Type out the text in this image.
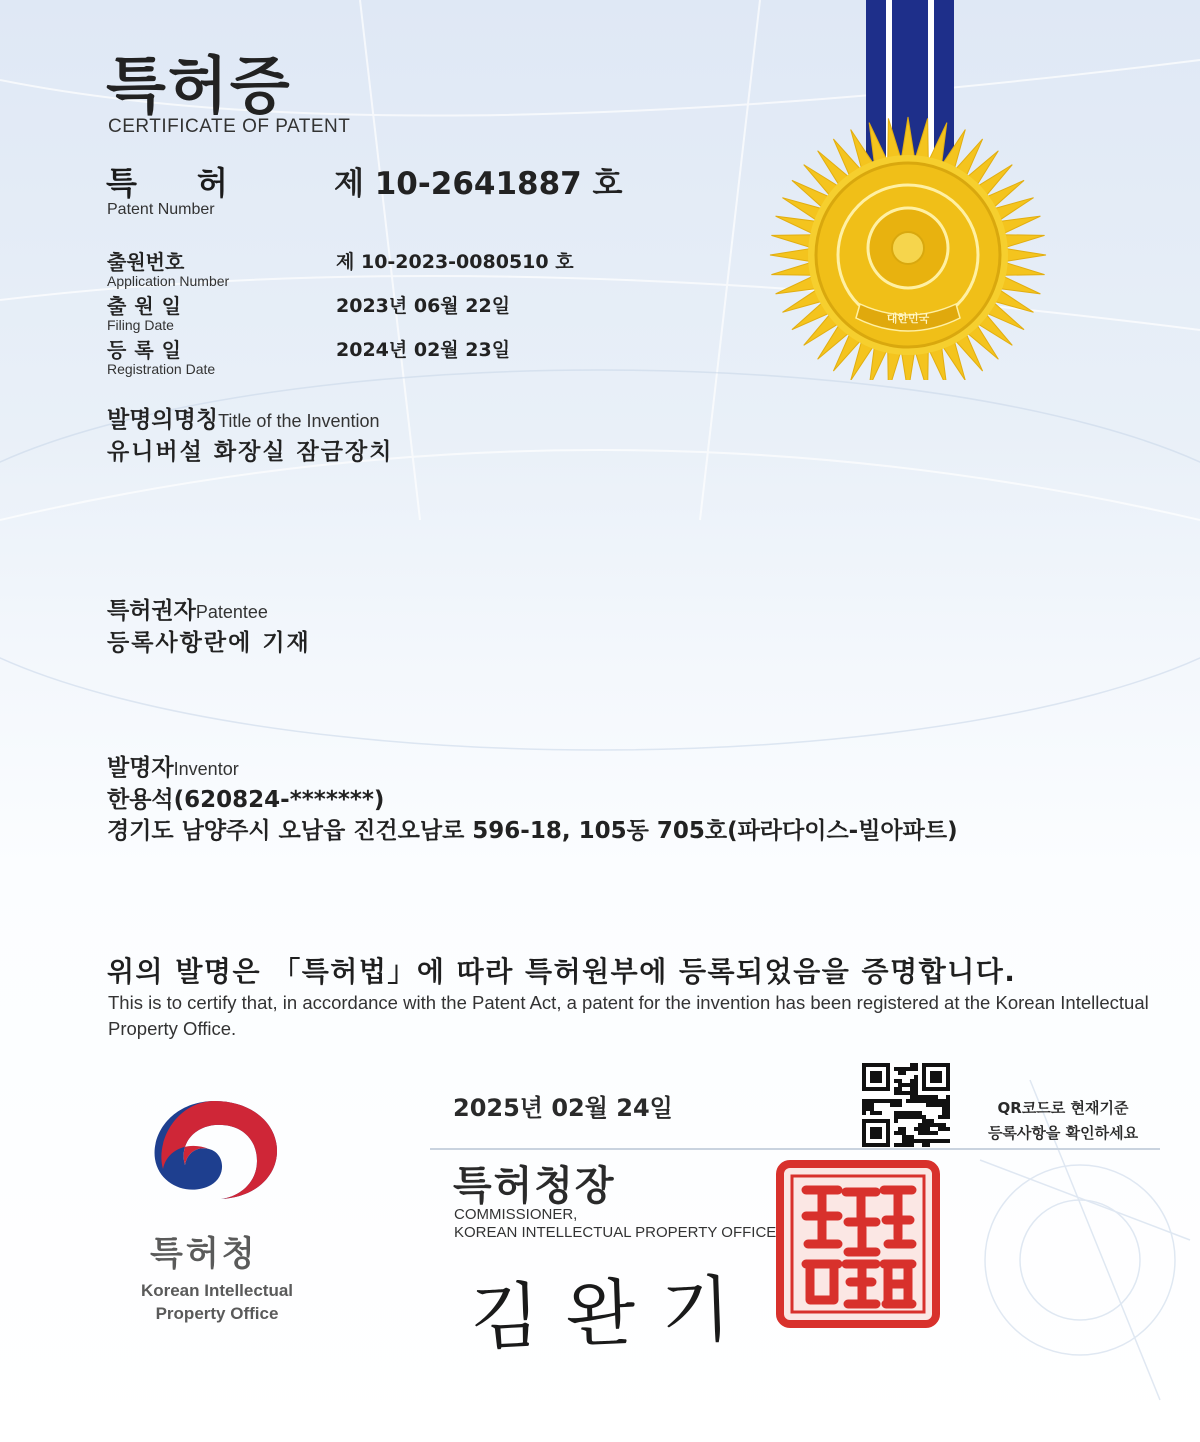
대한민국
특허증
CERTIFICATE OF PATENT
특허
Patent Number
제 10-2641887 호
출원번호
Application Number
제 10-2023-0080510 호
출원일
Filing Date
2023년 06월 22일
등록일
Registration Date
2024년 02월 23일
발명의명칭Title of the Invention
유니버설 화장실 잠금장치
특허권자Patentee
등록사항란에 기재
발명자Inventor
한용석(620824-*******)
경기도 남양주시 오남읍 진건오남로 596-18, 105동 705호(파라다이스-빌아파트)
위의 발명은 「특허법」에 따라 특허원부에 등록되었음을 증명합니다.
This is to certify that, in accordance with the Patent Act, a patent for the invention has been registered at the Korean Intellectual Property Office.
특허청
Korean Intellectual
Property Office
2025년 02월 24일
특허청장
COMMISSIONER,
KOREAN INTELLECTUAL PROPERTY OFFICE
김완기
QR코드로 현재기준
등록사항을 확인하세요
